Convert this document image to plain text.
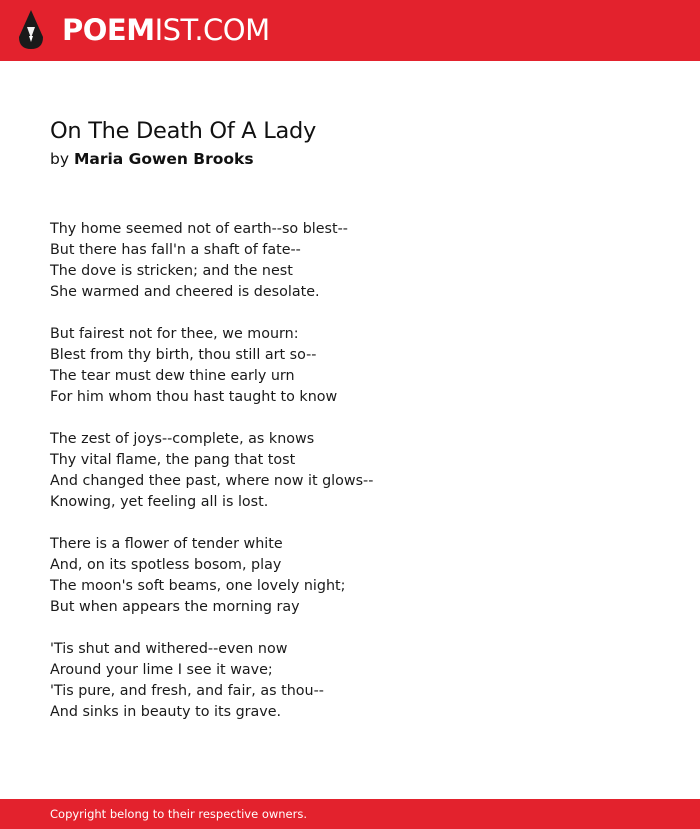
POEMIST.COM
On The Death Of A Lady
by Maria Gowen Brooks
Thy home seemed not of earth--so blest--
But there has fall'n a shaft of fate--
The dove is stricken; and the nest
She warmed and cheered is desolate.
But fairest not for thee, we mourn:
Blest from thy birth, thou still art so--
The tear must dew thine early urn
For him whom thou hast taught to know
The zest of joys--complete, as knows
Thy vital flame, the pang that tost
And changed thee past, where now it glows--
Knowing, yet feeling all is lost.
There is a flower of tender white
And, on its spotless bosom, play
The moon's soft beams, one lovely night;
But when appears the morning ray
'Tis shut and withered--even now
Around your lime I see it wave;
'Tis pure, and fresh, and fair, as thou--
And sinks in beauty to its grave.
Copyright belong to their respective owners.
